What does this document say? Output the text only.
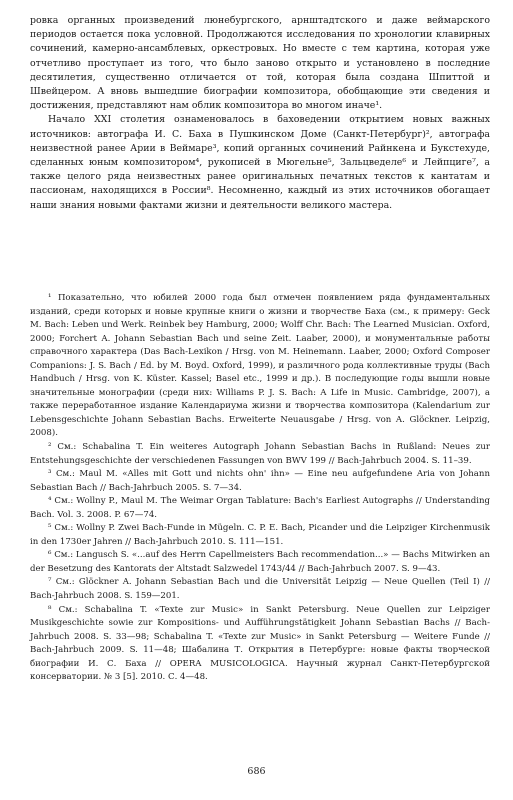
ровка органных произведений люнебургского, арнштадтского и даже веймарского периодов остается пока условной. Продолжаются исследования по хронологии клавирных сочинений, камерно-ансамблевых, оркестровых. Но вместе с тем картина, которая уже отчетливо проступает из того, что было заново открыто и установлено в последние десятилетия, существенно отличается от той, которая была создана Шпиттой и Швейцером. А вновь вышедшие биографии композитора, обобщающие эти сведения и достижения, представляют нам облик композитора во многом иначе¹.

Начало XXI столетия ознаменовалось в баховедении открытием новых важных источников: автографа И. С. Баха в Пушкинском Доме (Санкт-Петербург)², автографа неизвестной ранее Арии в Веймаре³, копий органных сочинений Райнкена и Букстехуде, сделанных юным композитором⁴, рукописей в Мюгельне⁵, Зальцведеле⁶ и Лейпциге⁷, а также целого ряда неизвестных ранее оригинальных печатных текстов к кантатам и пассионам, находящихся в России⁸. Несомненно, каждый из этих источников обогащает наши знания новыми фактами жизни и деятельности великого мастера.

¹ Показательно, что юбилей 2000 года был отмечен появлением ряда фундаментальных изданий, среди которых и новые крупные книги о жизни и творчестве Баха (см., к примеру: Geck M. Bach: Leben und Werk. Reinbek bey Hamburg, 2000; Wolff Chr. Bach: The Learned Musician. Oxford, 2000; Forchert A. Johann Sebastian Bach und seine Zeit. Laaber, 2000), и монументальные работы справочного характера (Das Bach-Lexikon / Hrsg. von M. Heinemann. Laaber, 2000; Oxford Composer Companions: J. S. Bach / Ed. by M. Boyd. Oxford, 1999), и различного рода коллективные труды (Bach Handbuch / Hrsg. von K. Küster. Kassel; Basel etc., 1999 и др.). В последующие годы вышли новые значительные монографии (среди них: Williams P. J. S. Bach: A Life in Music. Cambridge, 2007), а также переработанное издание Календариума жизни и творчества композитора (Kalendarium zur Lebensgeschichte Johann Sebastian Bachs. Erweiterte Neuausgabe / Hrsg. von A. Glöckner. Leipzig, 2008).

² См.: Schabalina T. Ein weiteres Autograph Johann Sebastian Bachs in Rußland: Neues zur Entstehungsgeschichte der verschiedenen Fassungen von BWV 199 // Bach-Jahrbuch 2004. S. 11–39.

³ См.: Maul M. «Alles mit Gott und nichts ohn' ihn» — Eine neu aufgefundene Aria von Johann Sebastian Bach // Bach-Jahrbuch 2005. S. 7—34.

⁴ См.: Wollny P., Maul M. The Weimar Organ Tablature: Bach's Earliest Autographs // Understanding Bach. Vol. 3. 2008. P. 67—74.

⁵ См.: Wollny P. Zwei Bach-Funde in Mügeln. C. P. E. Bach, Picander und die Leipziger Kirchenmusik in den 1730er Jahren // Bach-Jahrbuch 2010. S. 111—151.

⁶ См.: Langusch S. «...auf des Herrn Capellmeisters Bach recommendation...» — Bachs Mitwirken an der Besetzung des Kantorats der Altstadt Salzwedel 1743/44 // Bach-Jahrbuch 2007. S. 9—43.

⁷ См.: Glöckner A. Johann Sebastian Bach und die Universität Leipzig — Neue Quellen (Teil I) // Bach-Jahrbuch 2008. S. 159—201.

⁸ См.: Schabalina T. «Texte zur Music» in Sankt Petersburg. Neue Quellen zur Leipziger Musikgeschichte sowie zur Kompositions- und Aufführungstätigkeit Johann Sebastian Bachs // Bach-Jahrbuch 2008. S. 33—98; Schabalina T. «Texte zur Music» in Sankt Petersburg — Weitere Funde // Bach-Jahrbuch 2009. S. 11—48; Шабалина Т. Открытия в Петербурге: новые факты творческой биографии И. С. Баха // OPERA MUSICOLOGICA. Научный журнал Санкт-Петербургской консерватории. № 3 [5]. 2010. С. 4—48.

686
